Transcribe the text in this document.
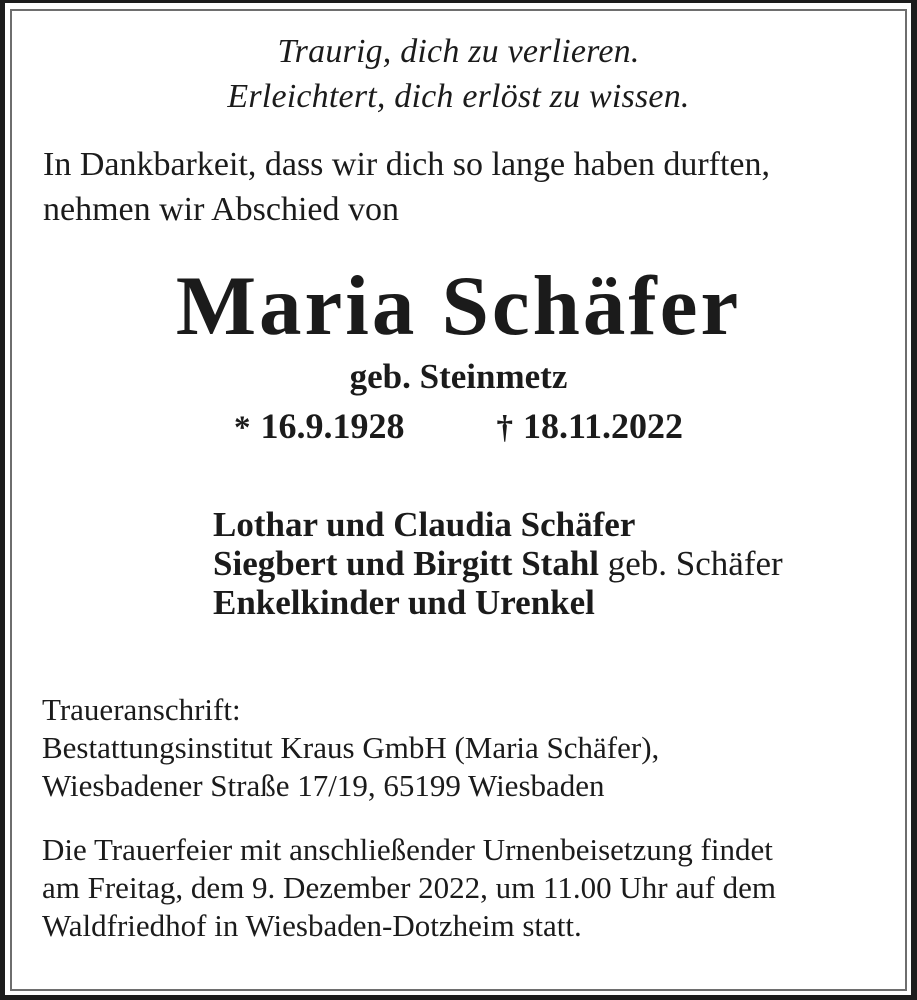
Traurig, dich zu verlieren.
Erleichtert, dich erlöst zu wissen.
In Dankbarkeit, dass wir dich so lange haben durften,
nehmen wir Abschied von
Maria Schäfer
geb. Steinmetz
* 16.9.1928	† 18.11.2022
Lothar und Claudia Schäfer
Siegbert und Birgitt Stahl geb. Schäfer
Enkelkinder und Urenkel
Traueranschrift:
Bestattungsinstitut Kraus GmbH (Maria Schäfer),
Wiesbadener Straße 17/19, 65199 Wiesbaden
Die Trauerfeier mit anschließender Urnenbeisetzung findet
am Freitag, dem 9. Dezember 2022, um 11.00 Uhr auf dem
Waldfriedhof in Wiesbaden-Dotzheim statt.
